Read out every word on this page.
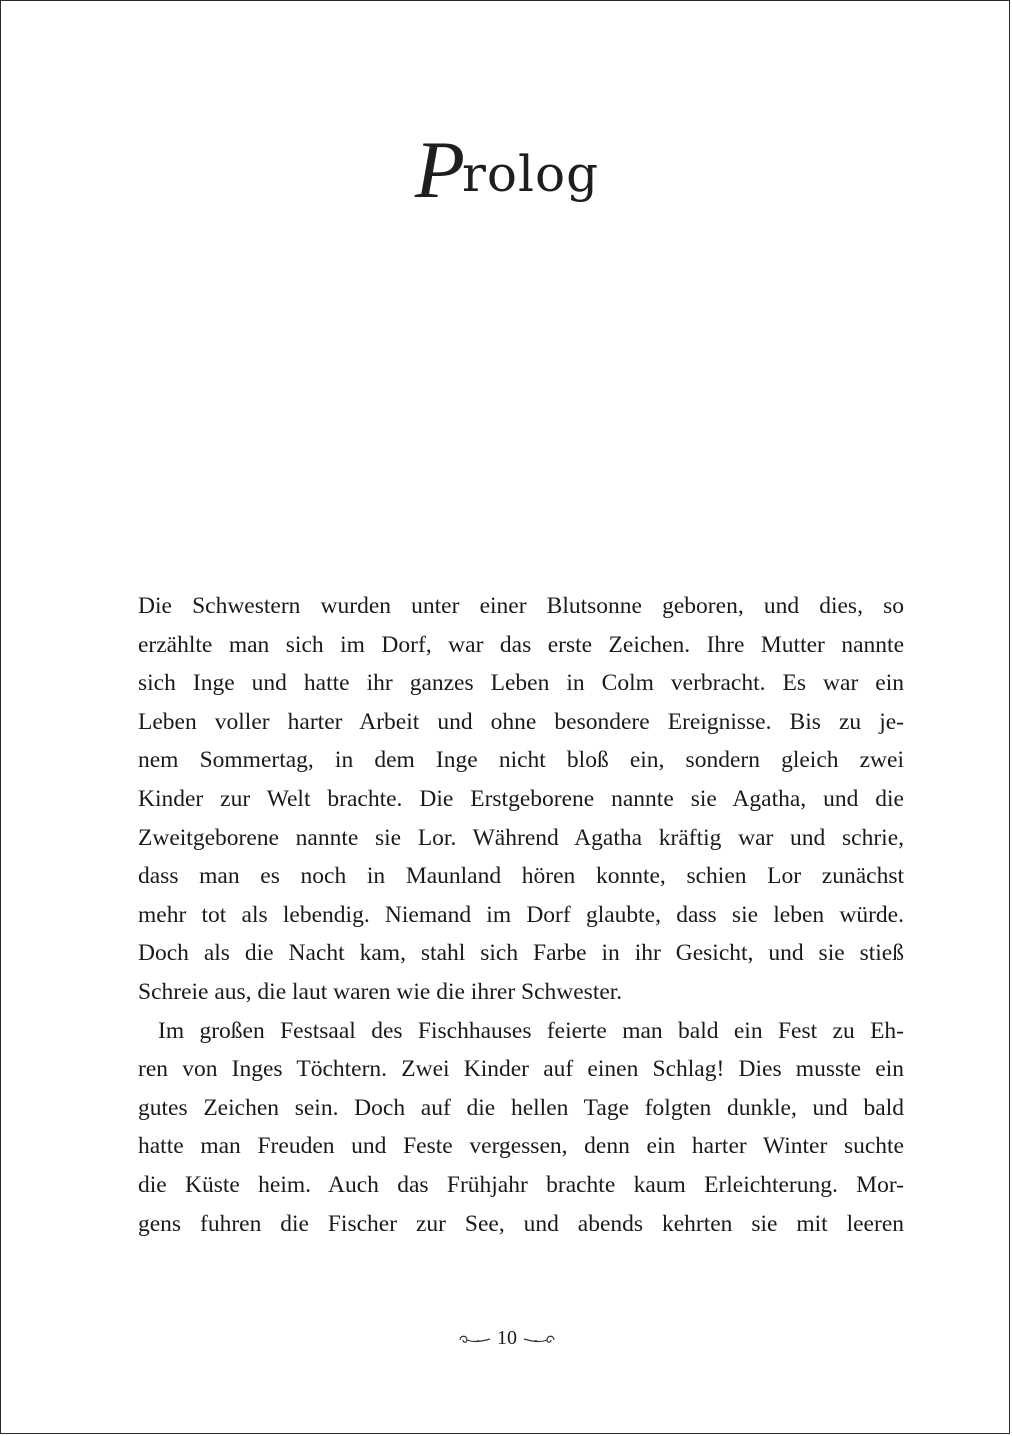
Prolog
Die Schwestern wurden unter einer Blutsonne geboren, und dies, so
erzählte man sich im Dorf, war das erste Zeichen. Ihre Mutter nannte
sich Inge und hatte ihr ganzes Leben in Colm verbracht. Es war ein
Leben voller harter Arbeit und ohne besondere Ereignisse. Bis zu je-
nem Sommertag, in dem Inge nicht bloß ein, sondern gleich zwei
Kinder zur Welt brachte. Die Erstgeborene nannte sie Agatha, und die
Zweitgeborene nannte sie Lor. Während Agatha kräftig war und schrie,
dass man es noch in Maunland hören konnte, schien Lor zunächst
mehr tot als lebendig. Niemand im Dorf glaubte, dass sie leben würde.
Doch als die Nacht kam, stahl sich Farbe in ihr Gesicht, und sie stieß
Schreie aus, die laut waren wie die ihrer Schwester.
Im großen Festsaal des Fischhauses feierte man bald ein Fest zu Eh-
ren von Inges Töchtern. Zwei Kinder auf einen Schlag! Dies musste ein
gutes Zeichen sein. Doch auf die hellen Tage folgten dunkle, und bald
hatte man Freuden und Feste vergessen, denn ein harter Winter suchte
die Küste heim. Auch das Frühjahr brachte kaum Erleichterung. Mor-
gens fuhren die Fischer zur See, und abends kehrten sie mit leeren
10
